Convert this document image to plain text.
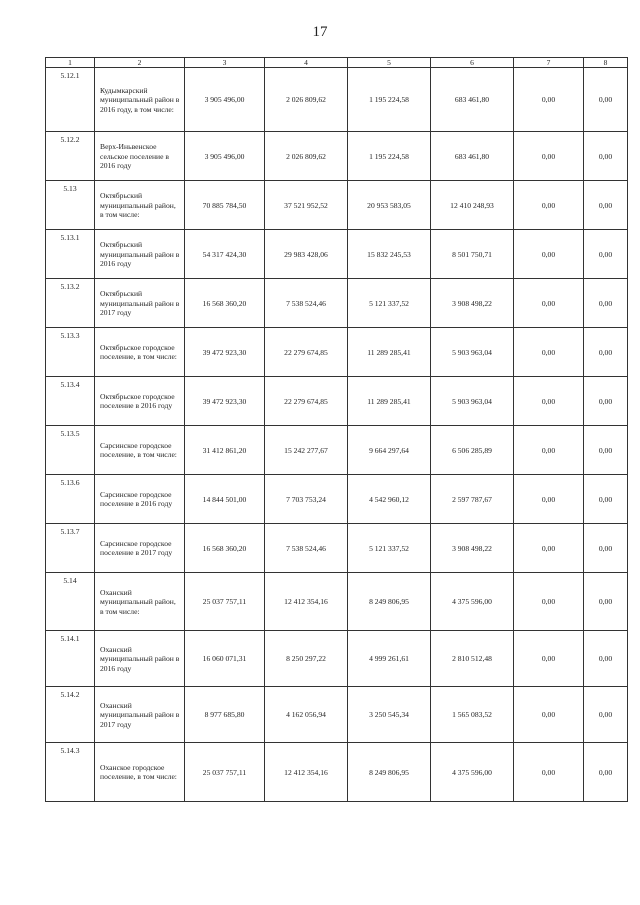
17
1	2	3	4	5	6	7	8
5.12.1	Кудымкарский муниципальный район в 2016 году, в том числе:	3 905 496,00	2 026 809,62	1 195 224,58	683 461,80	0,00	0,00
5.12.2	Верх-Иньвенское сельское поселение в 2016 году	3 905 496,00	2 026 809,62	1 195 224,58	683 461,80	0,00	0,00
5.13	Октябрьский муниципальный район, в том числе:	70 885 784,50	37 521 952,52	20 953 583,05	12 410 248,93	0,00	0,00
5.13.1	Октябрьский муниципальный район в 2016 году	54 317 424,30	29 983 428,06	15 832 245,53	8 501 750,71	0,00	0,00
5.13.2	Октябрьский муниципальный район в 2017 году	16 568 360,20	7 538 524,46	5 121 337,52	3 908 498,22	0,00	0,00
5.13.3	Октябрьское городское поселение, в том числе:	39 472 923,30	22 279 674,85	11 289 285,41	5 903 963,04	0,00	0,00
5.13.4	Октябрьское городское поселение в 2016 году	39 472 923,30	22 279 674,85	11 289 285,41	5 903 963,04	0,00	0,00
5.13.5	Сарсинское городское поселение, в том числе:	31 412 861,20	15 242 277,67	9 664 297,64	6 506 285,89	0,00	0,00
5.13.6	Сарсинское городское поселение в 2016 году	14 844 501,00	7 703 753,24	4 542 960,12	2 597 787,67	0,00	0,00
5.13.7	Сарсинское городское поселение в 2017 году	16 568 360,20	7 538 524,46	5 121 337,52	3 908 498,22	0,00	0,00
5.14	Оханский муниципальный район, в том числе:	25 037 757,11	12 412 354,16	8 249 806,95	4 375 596,00	0,00	0,00
5.14.1	Оханский муниципальный район в 2016 году	16 060 071,31	8 250 297,22	4 999 261,61	2 810 512,48	0,00	0,00
5.14.2	Оханский муниципальный район в 2017 году	8 977 685,80	4 162 056,94	3 250 545,34	1 565 083,52	0,00	0,00
5.14.3	Оханское городское поселение, в том числе:	25 037 757,11	12 412 354,16	8 249 806,95	4 375 596,00	0,00	0,00
